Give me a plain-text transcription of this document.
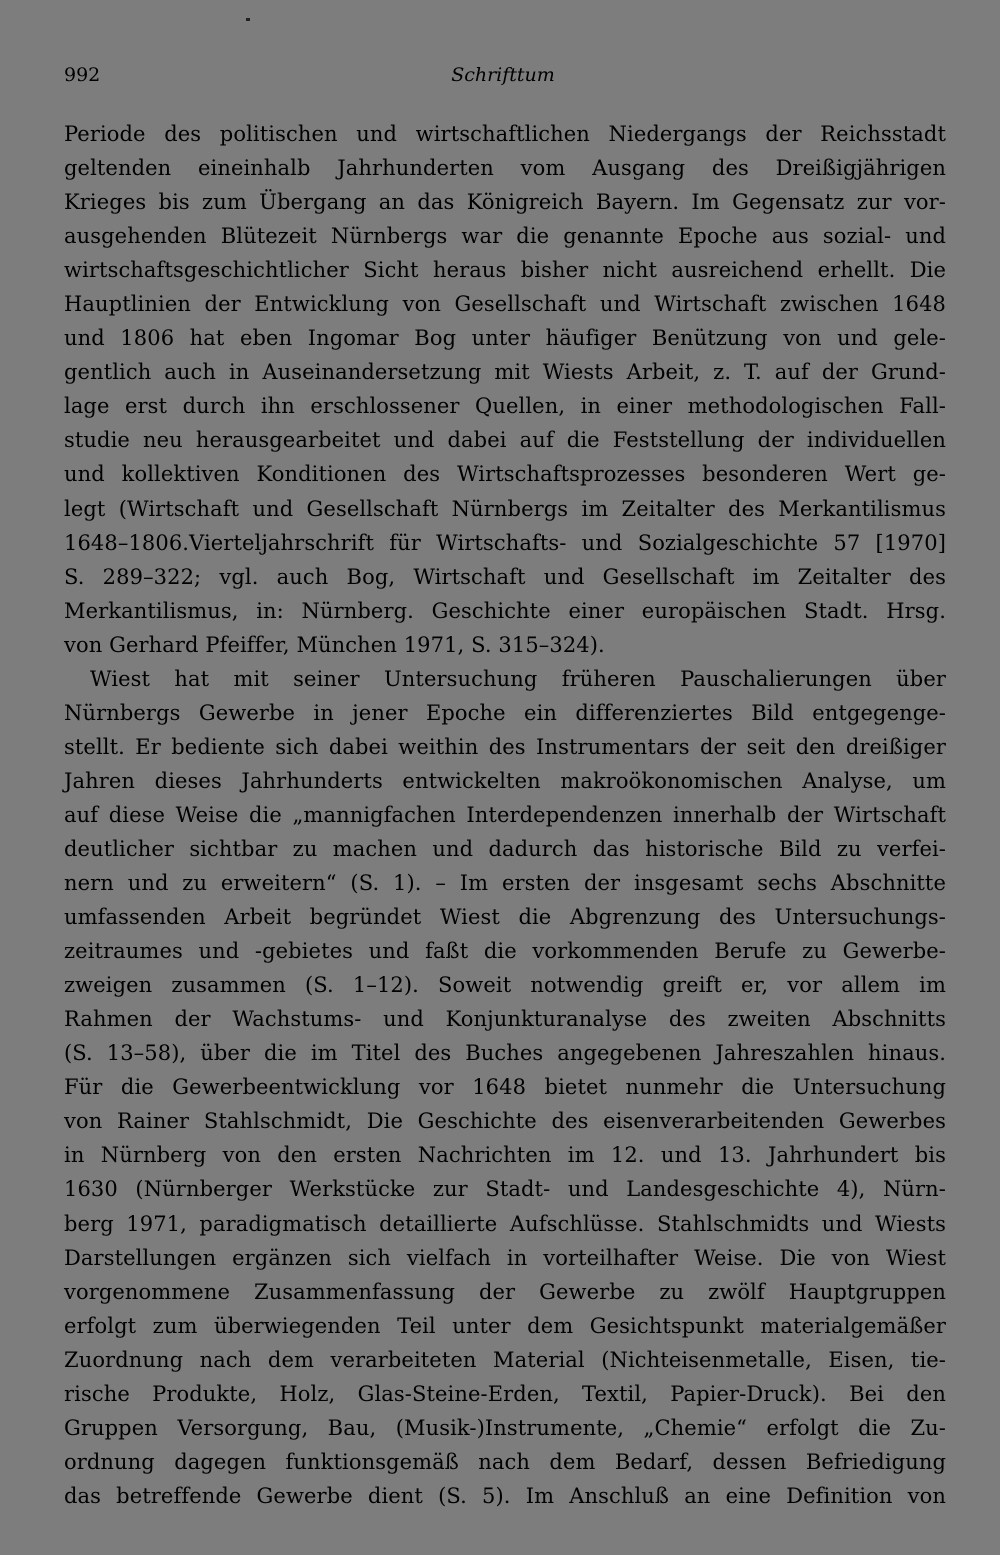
992	Schrifttum
Periode des politischen und wirtschaftlichen Niedergangs der Reichsstadt
geltenden eineinhalb Jahrhunderten vom Ausgang des Dreißigjährigen
Krieges bis zum Übergang an das Königreich Bayern. Im Gegensatz zur vor-
ausgehenden Blütezeit Nürnbergs war die genannte Epoche aus sozial- und
wirtschaftsgeschichtlicher Sicht heraus bisher nicht ausreichend erhellt. Die
Hauptlinien der Entwicklung von Gesellschaft und Wirtschaft zwischen 1648
und 1806 hat eben Ingomar Bog unter häufiger Benützung von und gele-
gentlich auch in Auseinandersetzung mit Wiests Arbeit, z. T. auf der Grund-
lage erst durch ihn erschlossener Quellen, in einer methodologischen Fall-
studie neu herausgearbeitet und dabei auf die Feststellung der individuellen
und kollektiven Konditionen des Wirtschaftsprozesses besonderen Wert ge-
legt (Wirtschaft und Gesellschaft Nürnbergs im Zeitalter des Merkantilismus
1648–1806.Vierteljahrschrift für Wirtschafts- und Sozialgeschichte 57 [1970]
S. 289–322; vgl. auch Bog, Wirtschaft und Gesellschaft im Zeitalter des
Merkantilismus, in: Nürnberg. Geschichte einer europäischen Stadt. Hrsg.
von Gerhard Pfeiffer, München 1971, S. 315–324).
Wiest hat mit seiner Untersuchung früheren Pauschalierungen über
Nürnbergs Gewerbe in jener Epoche ein differenziertes Bild entgegenge-
stellt. Er bediente sich dabei weithin des Instrumentars der seit den dreißiger
Jahren dieses Jahrhunderts entwickelten makroökonomischen Analyse, um
auf diese Weise die „mannigfachen Interdependenzen innerhalb der Wirtschaft
deutlicher sichtbar zu machen und dadurch das historische Bild zu verfei-
nern und zu erweitern“ (S. 1). – Im ersten der insgesamt sechs Abschnitte
umfassenden Arbeit begründet Wiest die Abgrenzung des Untersuchungs-
zeitraumes und -gebietes und faßt die vorkommenden Berufe zu Gewerbe-
zweigen zusammen (S. 1–12). Soweit notwendig greift er, vor allem im
Rahmen der Wachstums- und Konjunkturanalyse des zweiten Abschnitts
(S. 13–58), über die im Titel des Buches angegebenen Jahreszahlen hinaus.
Für die Gewerbeentwicklung vor 1648 bietet nunmehr die Untersuchung
von Rainer Stahlschmidt, Die Geschichte des eisenverarbeitenden Gewerbes
in Nürnberg von den ersten Nachrichten im 12. und 13. Jahrhundert bis
1630 (Nürnberger Werkstücke zur Stadt- und Landesgeschichte 4), Nürn-
berg 1971, paradigmatisch detaillierte Aufschlüsse. Stahlschmidts und Wiests
Darstellungen ergänzen sich vielfach in vorteilhafter Weise. Die von Wiest
vorgenommene Zusammenfassung der Gewerbe zu zwölf Hauptgruppen
erfolgt zum überwiegenden Teil unter dem Gesichtspunkt materialgemäßer
Zuordnung nach dem verarbeiteten Material (Nichteisenmetalle, Eisen, tie-
rische Produkte, Holz, Glas-Steine-Erden, Textil, Papier-Druck). Bei den
Gruppen Versorgung, Bau, (Musik-)Instrumente, „Chemie“ erfolgt die Zu-
ordnung dagegen funktionsgemäß nach dem Bedarf, dessen Befriedigung
das betreffende Gewerbe dient (S. 5). Im Anschluß an eine Definition von
